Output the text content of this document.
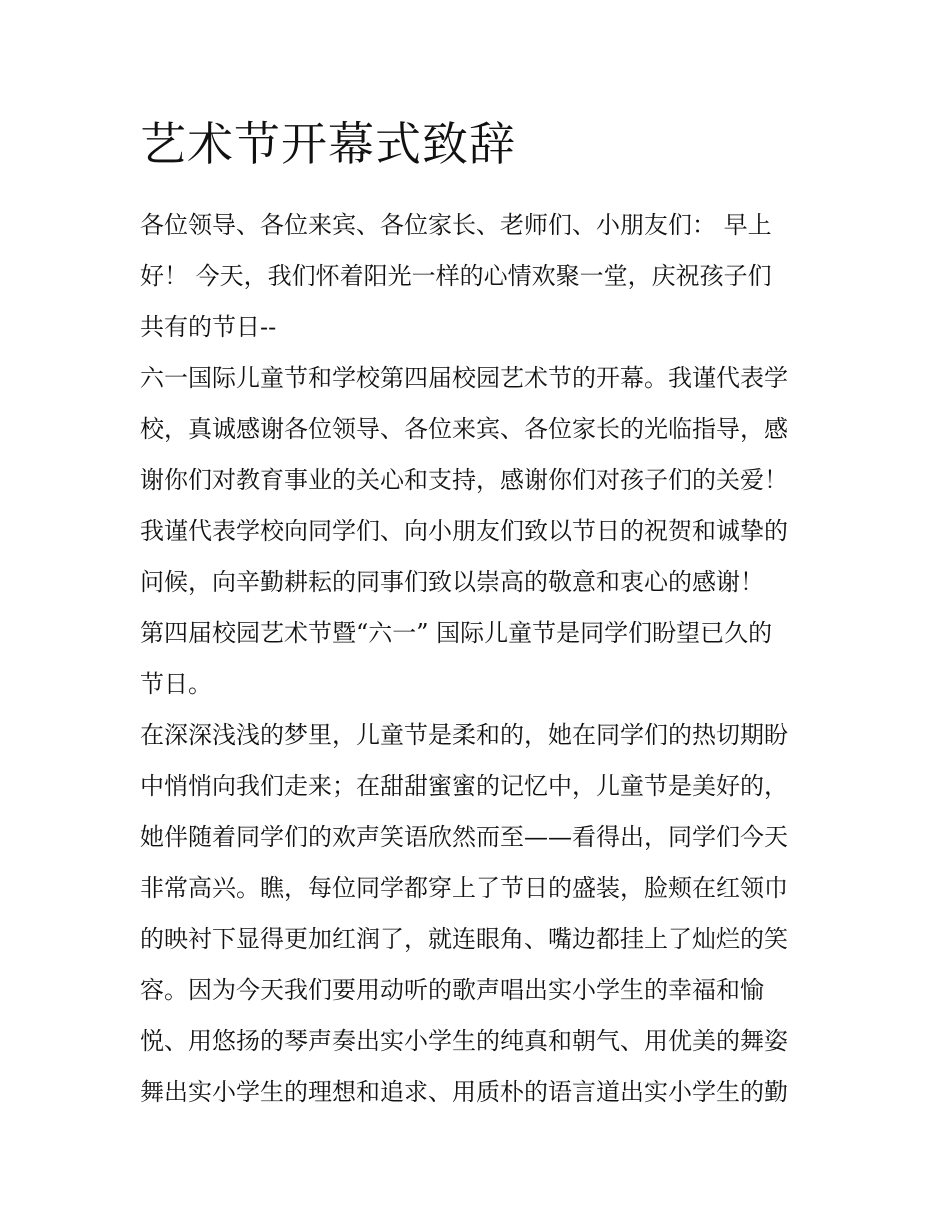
艺术节开幕式致辞
各位领导、各位来宾、各位家长、老师们、小朋友们： 早上
好！ 今天，我们怀着阳光一样的心情欢聚一堂，庆祝孩子们
共有的节日--
六一国际儿童节和学校第四届校园艺术节的开幕。我谨代表学
校，真诚感谢各位领导、各位来宾、各位家长的光临指导，感
谢你们对教育事业的关心和支持，感谢你们对孩子们的关爱！
我谨代表学校向同学们、向小朋友们致以节日的祝贺和诚挚的
问候，向辛勤耕耘的同事们致以崇高的敬意和衷心的感谢！
第四届校园艺术节暨“六一” 国际儿童节是同学们盼望已久的
节日。
在深深浅浅的梦里，儿童节是柔和的，她在同学们的热切期盼
中悄悄向我们走来；在甜甜蜜蜜的记忆中，儿童节是美好的，
她伴随着同学们的欢声笑语欣然而至——看得出，同学们今天
非常高兴。瞧，每位同学都穿上了节日的盛装，脸颊在红领巾
的映衬下显得更加红润了，就连眼角、嘴边都挂上了灿烂的笑
容。因为今天我们要用动听的歌声唱出实小学生的幸福和愉
悦、用悠扬的琴声奏出实小学生的纯真和朝气、用优美的舞姿
舞出实小学生的理想和追求、用质朴的语言道出实小学生的勤
